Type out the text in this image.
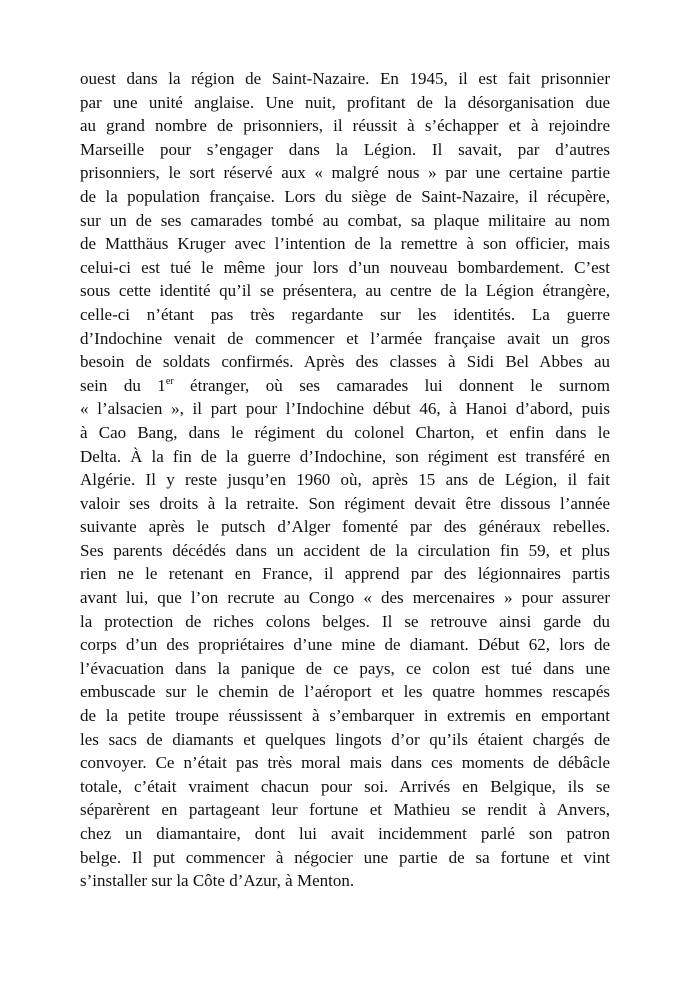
ouest dans la région de Saint-Nazaire. En 1945, il est fait prisonnier
par une unité anglaise. Une nuit, profitant de la désorganisation due
au grand nombre de prisonniers, il réussit à s’échapper et à rejoindre
Marseille pour s’engager dans la Légion. Il savait, par d’autres
prisonniers, le sort réservé aux « malgré nous » par une certaine partie
de la population française. Lors du siège de Saint-Nazaire, il récupère,
sur un de ses camarades tombé au combat, sa plaque militaire au nom
de Matthäus Kruger avec l’intention de la remettre à son officier, mais
celui-ci est tué le même jour lors d’un nouveau bombardement. C’est
sous cette identité qu’il se présentera, au centre de la Légion étrangère,
celle-ci n’étant pas très regardante sur les identités. La guerre
d’Indochine venait de commencer et l’armée française avait un gros
besoin de soldats confirmés. Après des classes à Sidi Bel Abbes au
sein du 1er étranger, où ses camarades lui donnent le surnom
« l’alsacien », il part pour l’Indochine début 46, à Hanoi d’abord, puis
à Cao Bang, dans le régiment du colonel Charton, et enfin dans le
Delta. À la fin de la guerre d’Indochine, son régiment est transféré en
Algérie. Il y reste jusqu’en 1960 où, après 15 ans de Légion, il fait
valoir ses droits à la retraite. Son régiment devait être dissous l’année
suivante après le putsch d’Alger fomenté par des généraux rebelles.
Ses parents décédés dans un accident de la circulation fin 59, et plus
rien ne le retenant en France, il apprend par des légionnaires partis
avant lui, que l’on recrute au Congo « des mercenaires » pour assurer
la protection de riches colons belges. Il se retrouve ainsi garde du
corps d’un des propriétaires d’une mine de diamant. Début 62, lors de
l’évacuation dans la panique de ce pays, ce colon est tué dans une
embuscade sur le chemin de l’aéroport et les quatre hommes rescapés
de la petite troupe réussissent à s’embarquer in extremis en emportant
les sacs de diamants et quelques lingots d’or qu’ils étaient chargés de
convoyer. Ce n’était pas très moral mais dans ces moments de débâcle
totale, c’était vraiment chacun pour soi. Arrivés en Belgique, ils se
séparèrent en partageant leur fortune et Mathieu se rendit à Anvers,
chez un diamantaire, dont lui avait incidemment parlé son patron
belge. Il put commencer à négocier une partie de sa fortune et vint
s’installer sur la Côte d’Azur, à Menton.
